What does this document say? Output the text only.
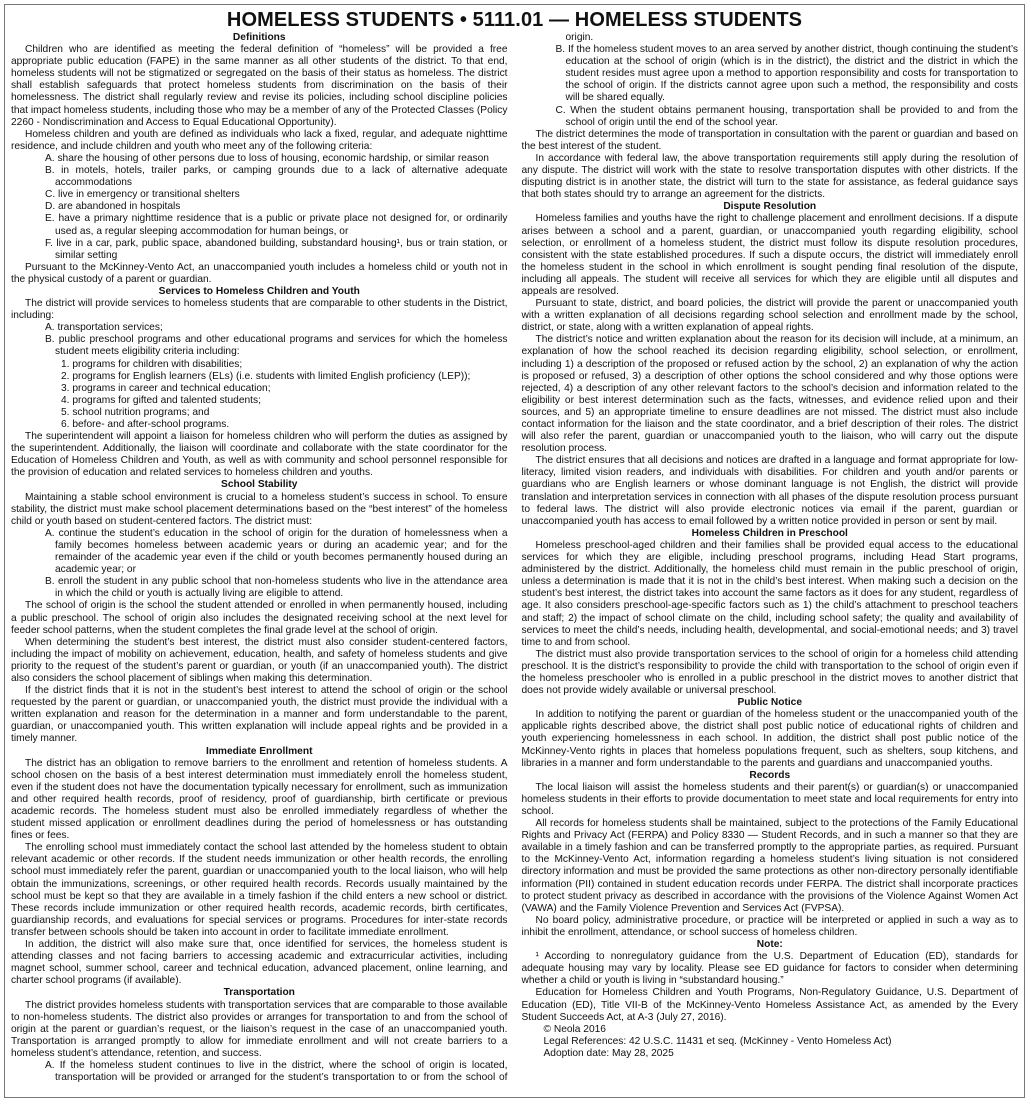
HOMELESS STUDENTS • 5111.01 — HOMELESS STUDENTS
Definitions

Children who are identified as meeting the federal definition of “homeless” will be provided a free appropriate public education (FAPE) in the same manner as all other students of the district. To that end, homeless students will not be stigmatized or segregated on the basis of their status as homeless. The district shall establish safeguards that protect homeless students from discrimination on the basis of their homelessness. The district shall regularly review and revise its policies, including school discipline policies that impact homeless students, including those who may be a member of any of the Protected Classes (Policy 2260 - Nondiscrimination and Access to Equal Educational Opportunity).

Homeless children and youth are defined as individuals who lack a fixed, regular, and adequate nighttime residence, and include children and youth who meet any of the following criteria:

A. share the housing of other persons due to loss of housing, economic hardship, or similar reason

B. in motels, hotels, trailer parks, or camping grounds due to a lack of alternative adequate accommodations

C. live in emergency or transitional shelters

D. are abandoned in hospitals

E. have a primary nighttime residence that is a public or private place not designed for, or ordinarily used as, a regular sleeping accommodation for human beings, or

F. live in a car, park, public space, abandoned building, substandard housing¹, bus or train station, or similar setting

Pursuant to the McKinney-Vento Act, an unaccompanied youth includes a homeless child or youth not in the physical custody of a parent or guardian.

Services to Homeless Children and Youth

The district will provide services to homeless students that are comparable to other students in the District, including:

A. transportation services;

B. public preschool programs and other educational programs and services for which the homeless student meets eligibility criteria including:

1. programs for children with disabilities;

2. programs for English learners (ELs) (i.e. students with limited English proficiency (LEP));

3. programs in career and technical education;

4. programs for gifted and talented students;

5. school nutrition programs; and

6. before- and after-school programs.

The superintendent will appoint a liaison for homeless children who will perform the duties as assigned by the superintendent. Additionally, the liaison will coordinate and collaborate with the state coordinator for the Education of Homeless Children and Youth, as well as with community and school personnel responsible for the provision of education and related services to homeless children and youths.

School Stability

Maintaining a stable school environment is crucial to a homeless student’s success in school. To ensure stability, the district must make school placement determinations based on the “best interest” of the homeless child or youth based on student-centered factors. The district must:

A. continue the student’s education in the school of origin for the duration of homelessness when a family becomes homeless between academic years or during an academic year; and for the remainder of the academic year even if the child or youth becomes permanently housed during an academic year; or

B. enroll the student in any public school that non-homeless students who live in the attendance area in which the child or youth is actually living are eligible to attend.

The school of origin is the school the student attended or enrolled in when permanently housed, including a public preschool. The school of origin also includes the designated receiving school at the next level for feeder school patterns, when the student completes the final grade level at the school of origin.

When determining the student’s best interest, the district must also consider student-centered factors, including the impact of mobility on achievement, education, health, and safety of homeless students and give priority to the request of the student’s parent or guardian, or youth (if an unaccompanied youth). The district also considers the school placement of siblings when making this determination.

If the district finds that it is not in the student’s best interest to attend the school of origin or the school requested by the parent or guardian, or unaccompanied youth, the district must provide the individual with a written explanation and reason for the determination in a manner and form understandable to the parent, guardian, or unaccompanied youth. This written explanation will include appeal rights and be provided in a timely manner.

Immediate Enrollment

The district has an obligation to remove barriers to the enrollment and retention of homeless students. A school chosen on the basis of a best interest determination must immediately enroll the homeless student, even if the student does not have the documentation typically necessary for enrollment, such as immunization and other required health records, proof of residency, proof of guardianship, birth certificate or previous academic records. The homeless student must also be enrolled immediately regardless of whether the student missed application or enrollment deadlines during the period of homelessness or has outstanding fines or fees.

The enrolling school must immediately contact the school last attended by the homeless student to obtain relevant academic or other records. If the student needs immunization or other health records, the enrolling school must immediately refer the parent, guardian or unaccompanied youth to the local liaison, who will help obtain the immunizations, screenings, or other required health records. Records usually maintained by the school must be kept so that they are available in a timely fashion if the child enters a new school or district. These records include immunization or other required health records, academic records, birth certificates, guardianship records, and evaluations for special services or programs. Procedures for inter-state records transfer between schools should be taken into account in order to facilitate immediate enrollment.

In addition, the district will also make sure that, once identified for services, the homeless student is attending classes and not facing barriers to accessing academic and extracurricular activities, including magnet school, summer school, career and technical education, advanced placement, online learning, and charter school programs (if available).

Transportation

The district provides homeless students with transportation services that are comparable to those available to non-homeless students. The district also provides or arranges for transportation to and from the school of origin at the parent or guardian’s request, or the liaison’s request in the case of an unaccompanied youth. Transportation is arranged promptly to allow for immediate enrollment and will not create barriers to a homeless student’s attendance, retention, and success.

A. If the homeless student continues to live in the district, where the school of origin is located, transportation will be provided or arranged for the student’s transportation to or from the school of origin.

B. If the homeless student moves to an area served by another district, though continuing the student’s education at the school of origin (which is in the district), the district and the district in which the student resides must agree upon a method to apportion responsibility and costs for transportation to the school of origin. If the districts cannot agree upon such a method, the responsibility and costs will be shared equally.

C. When the student obtains permanent housing, transportation shall be provided to and from the school of origin until the end of the school year.

The district determines the mode of transportation in consultation with the parent or guardian and based on the best interest of the student.

In accordance with federal law, the above transportation requirements still apply during the resolution of any dispute. The district will work with the state to resolve transportation disputes with other districts. If the disputing district is in another state, the district will turn to the state for assistance, as federal guidance says that both states should try to arrange an agreement for the districts.

Dispute Resolution

Homeless families and youths have the right to challenge placement and enrollment decisions. If a dispute arises between a school and a parent, guardian, or unaccompanied youth regarding eligibility, school selection, or enrollment of a homeless student, the district must follow its dispute resolution procedures, consistent with the state established procedures. If such a dispute occurs, the district will immediately enroll the homeless student in the school in which enrollment is sought pending final resolution of the dispute, including all appeals. The student will receive all services for which they are eligible until all disputes and appeals are resolved.

Pursuant to state, district, and board policies, the district will provide the parent or unaccompanied youth with a written explanation of all decisions regarding school selection and enrollment made by the school, district, or state, along with a written explanation of appeal rights.

The district’s notice and written explanation about the reason for its decision will include, at a minimum, an explanation of how the school reached its decision regarding eligibility, school selection, or enrollment, including 1) a description of the proposed or refused action by the school, 2) an explanation of why the action is proposed or refused, 3) a description of other options the school considered and why those options were rejected, 4) a description of any other relevant factors to the school’s decision and information related to the eligibility or best interest determination such as the facts, witnesses, and evidence relied upon and their sources, and 5) an appropriate timeline to ensure deadlines are not missed. The district must also include contact information for the liaison and the state coordinator, and a brief description of their roles. The district will also refer the parent, guardian or unaccompanied youth to the liaison, who will carry out the dispute resolution process.

The district ensures that all decisions and notices are drafted in a language and format appropriate for low-literacy, limited vision readers, and individuals with disabilities. For children and youth and/or parents or guardians who are English learners or whose dominant language is not English, the district will provide translation and interpretation services in connection with all phases of the dispute resolution process pursuant to federal laws. The district will also provide electronic notices via email if the parent, guardian or unaccompanied youth has access to email followed by a written notice provided in person or sent by mail.

Homeless Children in Preschool

Homeless preschool-aged children and their families shall be provided equal access to the educational services for which they are eligible, including preschool programs, including Head Start programs, administered by the district. Additionally, the homeless child must remain in the public preschool of origin, unless a determination is made that it is not in the child’s best interest. When making such a decision on the student’s best interest, the district takes into account the same factors as it does for any student, regardless of age. It also considers preschool-age-specific factors such as 1) the child’s attachment to preschool teachers and staff; 2) the impact of school climate on the child, including school safety; the quality and availability of services to meet the child’s needs, including health, developmental, and social-emotional needs; and 3) travel time to and from school.

The district must also provide transportation services to the school of origin for a homeless child attending preschool. It is the district’s responsibility to provide the child with transportation to the school of origin even if the homeless preschooler who is enrolled in a public preschool in the district moves to another district that does not provide widely available or universal preschool.

Public Notice

In addition to notifying the parent or guardian of the homeless student or the unaccompanied youth of the applicable rights described above, the district shall post public notice of educational rights of children and youth experiencing homelessness in each school. In addition, the district shall post public notice of the McKinney-Vento rights in places that homeless populations frequent, such as shelters, soup kitchens, and libraries in a manner and form understandable to the parents and guardians and unaccompanied youths.

Records

The local liaison will assist the homeless students and their parent(s) or guardian(s) or unaccompanied homeless students in their efforts to provide documentation to meet state and local requirements for entry into school.

All records for homeless students shall be maintained, subject to the protections of the Family Educational Rights and Privacy Act (FERPA) and Policy 8330 — Student Records, and in such a manner so that they are available in a timely fashion and can be transferred promptly to the appropriate parties, as required. Pursuant to the McKinney-Vento Act, information regarding a homeless student’s living situation is not considered directory information and must be provided the same protections as other non-directory personally identifiable information (PII) contained in student education records under FERPA. The district shall incorporate practices to protect student privacy as described in accordance with the provisions of the Violence Against Women Act (VAWA) and the Family Violence Prevention and Services Act (FVPSA).

No board policy, administrative procedure, or practice will be interpreted or applied in such a way as to inhibit the enrollment, attendance, or school success of homeless children.

Note:

¹ According to nonregulatory guidance from the U.S. Department of Education (ED), standards for adequate housing may vary by locality. Please see ED guidance for factors to consider when determining whether a child or youth is living in “substandard housing.”

Education for Homeless Children and Youth Programs, Non-Regulatory Guidance, U.S. Department of Education (ED), Title VII-B of the McKinney-Vento Homeless Assistance Act, as amended by the Every Student Succeeds Act, at A-3 (July 27, 2016).

© Neola 2016

Legal References: 42 U.S.C. 11431 et seq. (McKinney - Vento Homeless Act)

Adoption date: May 28, 2025
